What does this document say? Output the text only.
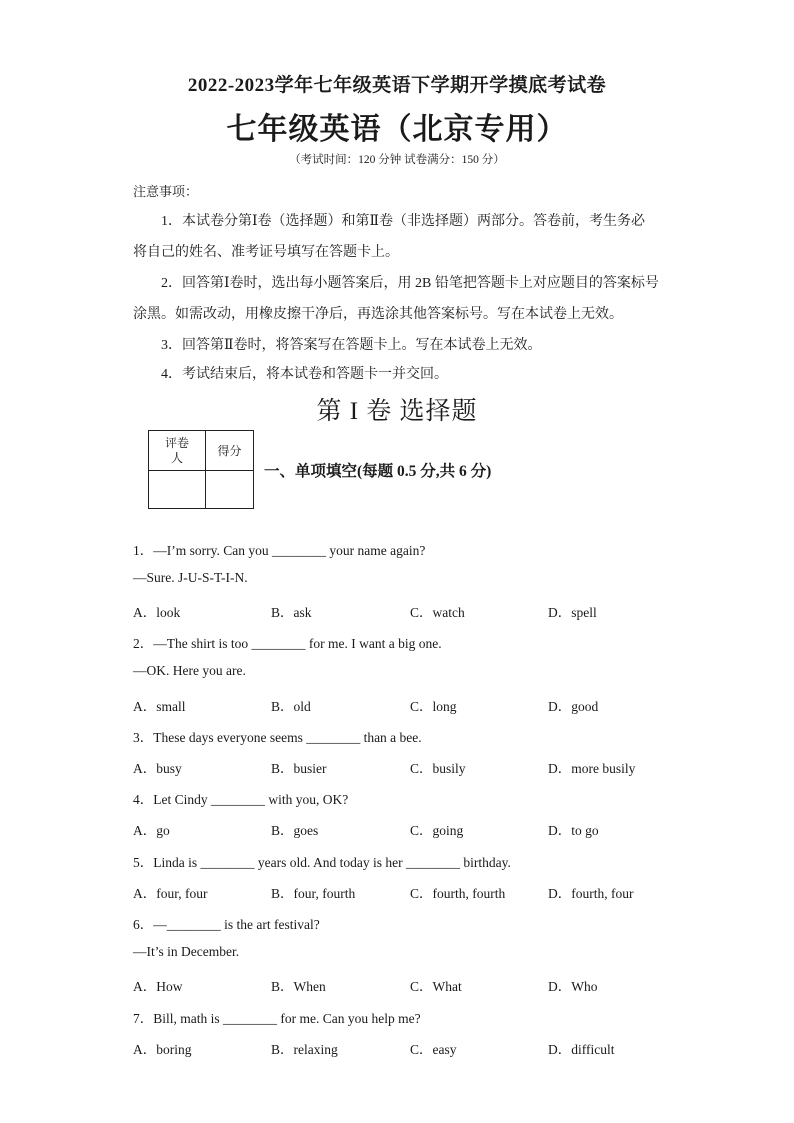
2022-2023学年七年级英语下学期开学摸底考试卷
七年级英语（北京专用）
（考试时间：120 分钟 试卷满分：150 分）
注意事项：
1．本试卷分第Ⅰ卷（选择题）和第Ⅱ卷（非选择题）两部分。答卷前，考生务必
将自己的姓名、准考证号填写在答题卡上。
2．回答第Ⅰ卷时，选出每小题答案后，用 2B 铅笔把答题卡上对应题目的答案标号
涂黑。如需改动，用橡皮擦干净后，再选涂其他答案标号。写在本试卷上无效。
3．回答第Ⅱ卷时，将答案写在答题卡上。写在本试卷上无效。
4．考试结束后，将本试卷和答题卡一并交回。
第 I 卷 选择题
评卷
人	得分

一、单项填空(每题 0.5 分,共 6 分)
1．—I’m sorry. Can you ________ your name again?
—Sure. J-U-S-T-I-N.
A．look	B．ask	C．watch	D．spell
2．—The shirt is too ________ for me. I want a big one.
—OK. Here you are.
A．small	B．old	C．long	D．good
3．These days everyone seems ________ than a bee.
A．busy	B．busier	C．busily	D．more busily
4．Let Cindy ________ with you, OK?
A．go	B．goes	C．going	D．to go
5．Linda is ________ years old. And today is her ________ birthday.
A．four, four	B．four, fourth	C．fourth, fourth	D．fourth, four
6．—________ is the art festival?
—It’s in December.
A．How	B．When	C．What	D．Who
7．Bill, math is ________ for me. Can you help me?
A．boring	B．relaxing	C．easy	D．difficult
